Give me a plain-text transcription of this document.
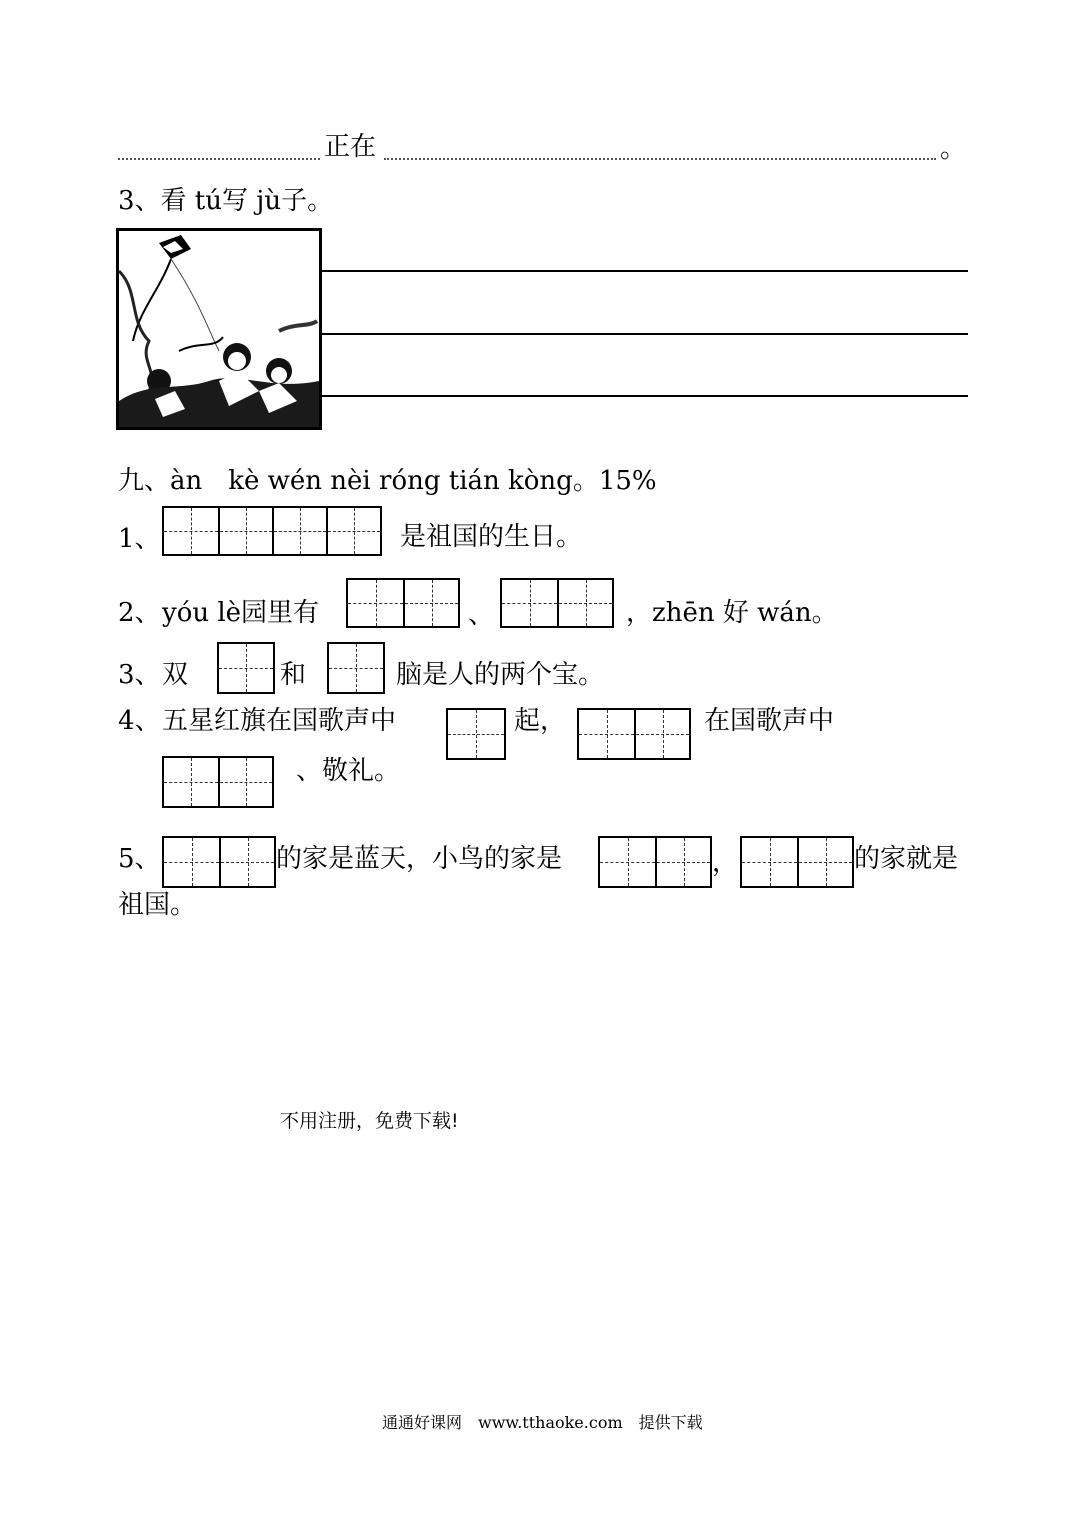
正在	。
3、看 tú写 jù子。
九、àn　kè wén nèi róng tián kòng。15%
1、	是祖国的生日。
2、 yóu lè园里有	、	，zhēn 好 wán。
3、 双	和	脑是人的两个宝。
4、 五星红旗在国歌声中	起，	在国歌声中
、敬礼。
5、	的家是蓝天，小鸟的家是	，	的家就是
祖国。
不用注册，免费下载!
通通好课网　www.tthaoke.com　提供下载
